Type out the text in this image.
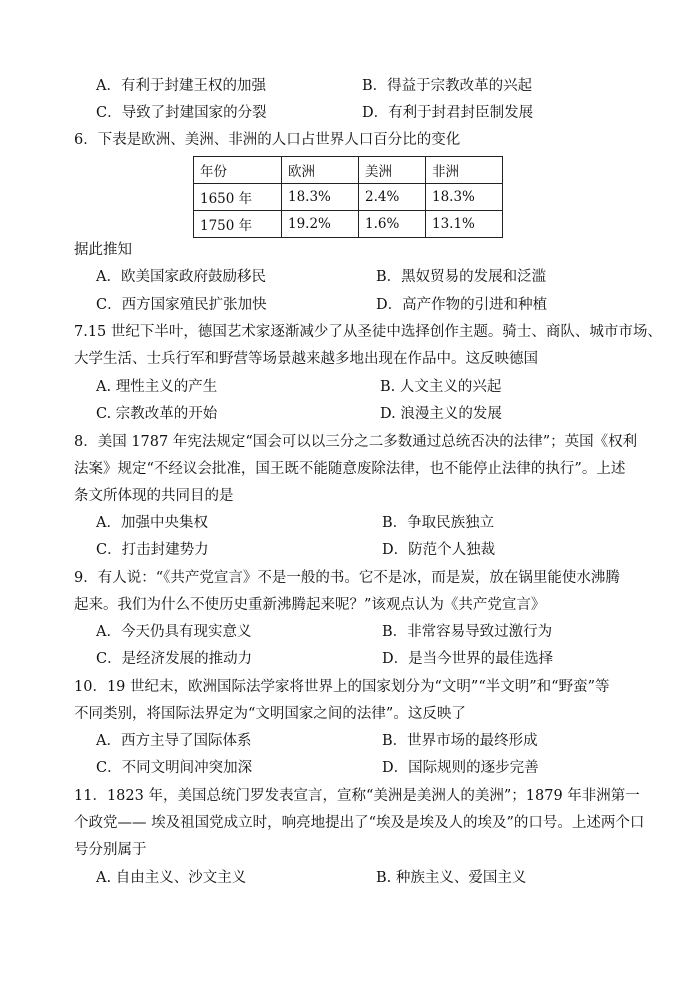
A．有利于封建王权的加强	B．得益于宗教改革的兴起
C．导致了封建国家的分裂	D．有利于封君封臣制发展
6．下表是欧洲、美洲、非洲的人口占世界人口百分比的变化
年份	欧洲	美洲	非洲
1650 年	18.3%	2.4%	18.3%
1750 年	19.2%	1.6%	13.1%
据此推知
A．欧美国家政府鼓励移民	B．黑奴贸易的发展和泛滥
C．西方国家殖民扩张加快	D．高产作物的引进和种植
7.15 世纪下半叶，德国艺术家逐渐减少了从圣徒中选择创作主题。骑士、商队、城市市场、
大学生活、士兵行军和野营等场景越来越多地出现在作品中。这反映德国
A. 理性主义的产生	B. 人文主义的兴起
C. 宗教改革的开始	D. 浪漫主义的发展
8．美国 1787 年宪法规定“国会可以以三分之二多数通过总统否决的法律”；英国《权利
法案》规定“不经议会批准，国王既不能随意废除法律，也不能停止法律的执行”。上述
条文所体现的共同目的是
A．加强中央集权	B．争取民族独立
C．打击封建势力	D．防范个人独裁
9．有人说：“《共产党宣言》不是一般的书。它不是冰，而是炭，放在锅里能使水沸腾
起来。我们为什么不使历史重新沸腾起来呢？”该观点认为《共产党宣言》
A．今天仍具有现实意义	B．非常容易导致过激行为
C．是经济发展的推动力	D．是当今世界的最佳选择
10．19 世纪末，欧洲国际法学家将世界上的国家划分为“文明”“半文明”和“野蛮”等
不同类别，将国际法界定为“文明国家之间的法律”。这反映了
A．西方主导了国际体系	B．世界市场的最终形成
C．不同文明间冲突加深	D．国际规则的逐步完善
11．1823 年，美国总统门罗发表宣言，宣称“美洲是美洲人的美洲”；1879 年非洲第一
个政党—— 埃及祖国党成立时，响亮地提出了“埃及是埃及人的埃及”的口号。上述两个口
号分别属于
A. 自由主义、沙文主义	B. 种族主义、爱国主义
